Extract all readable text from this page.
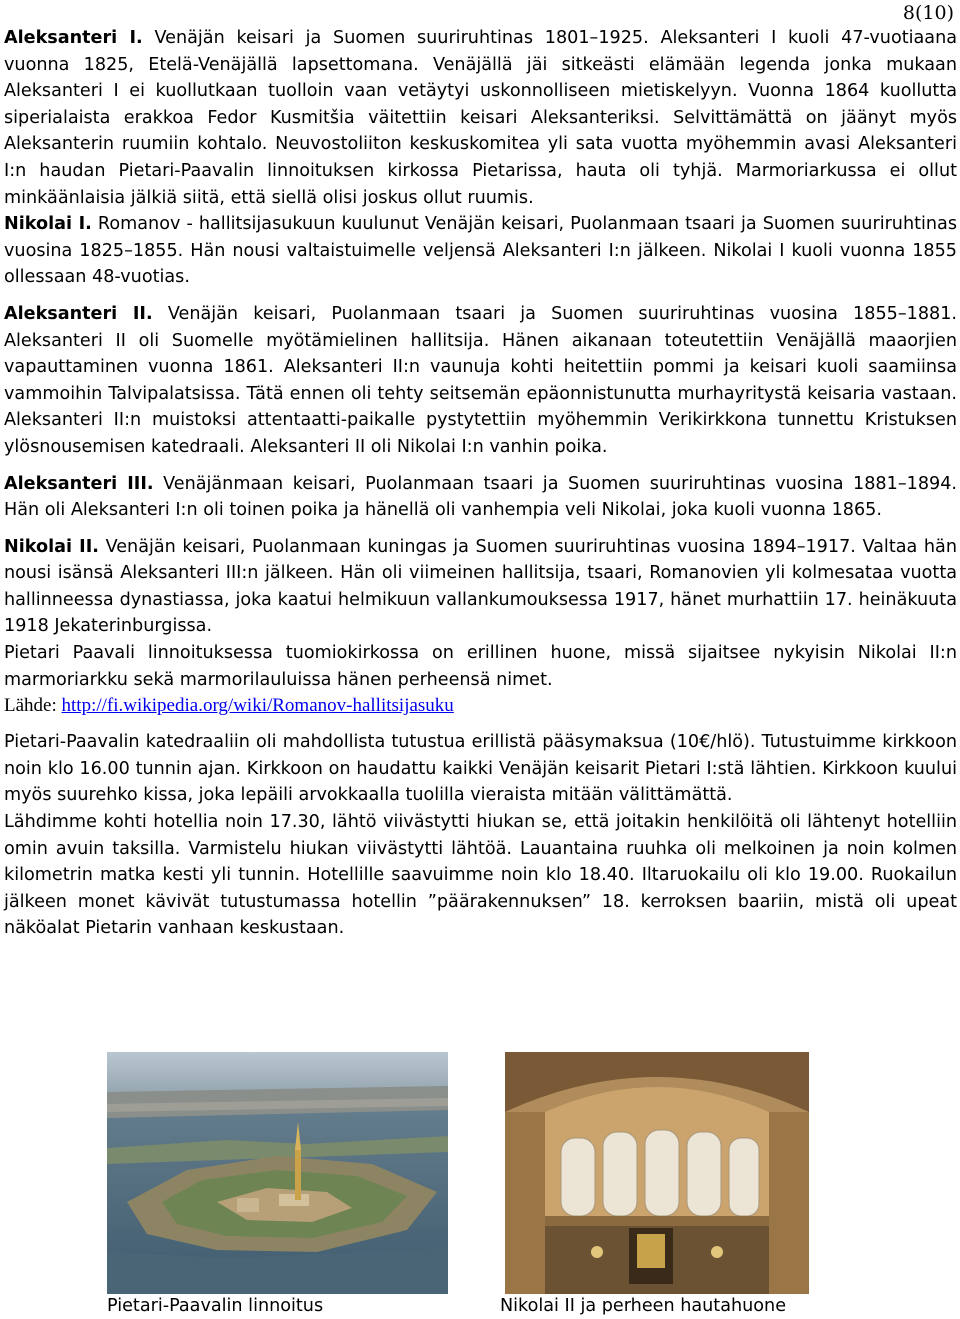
8(10)

Aleksanteri I. Venäjän keisari ja Suomen suuriruhtinas 1801–1925. Aleksanteri I kuoli 47-vuotiaana vuonna 1825, Etelä-Venäjällä lapsettomana. Venäjällä jäi sitkeästi elämään legenda jonka mukaan Aleksanteri I ei kuollutkaan tuolloin vaan vetäytyi uskonnolliseen mietiskelyyn. Vuonna 1864 kuollutta siperialaista erakkoa Fedor Kusmitšia väitettiin keisari Aleksanteriksi. Selvittämättä on jäänyt myös Aleksanterin ruumiin kohtalo. Neuvostoliiton keskuskomitea yli sata vuotta myöhemmin avasi Aleksanteri I:n haudan Pietari-Paavalin linnoituksen kirkossa Pietarissa, hauta oli tyhjä. Marmoriarkussa ei ollut minkäänlaisia jälkiä siitä, että siellä olisi joskus ollut ruumis.

Nikolai I. Romanov - hallitsijasukuun kuulunut Venäjän keisari, Puolanmaan tsaari ja Suomen suuriruhtinas vuosina 1825–1855. Hän nousi valtaistuimelle veljensä Aleksanteri I:n jälkeen. Nikolai I kuoli vuonna 1855 ollessaan 48-vuotias.

Aleksanteri II. Venäjän keisari, Puolanmaan tsaari ja Suomen suuriruhtinas vuosina 1855–1881. Aleksanteri II oli Suomelle myötämielinen hallitsija. Hänen aikanaan toteutettiin Venäjällä maaorjien vapauttaminen vuonna 1861. Aleksanteri II:n vaunuja kohti heitettiin pommi ja keisari kuoli saamiinsa vammoihin Talvipalatsissa. Tätä ennen oli tehty seitsemän epäonnistunutta murhayritystä keisaria vastaan. Aleksanteri II:n muistoksi attentaatti-paikalle pystytettiin myöhemmin Verikirkkona tunnettu Kristuksen ylösnousemisen katedraali. Aleksanteri II oli Nikolai I:n vanhin poika.

Aleksanteri III. Venäjänmaan keisari, Puolanmaan tsaari ja Suomen suuriruhtinas vuosina 1881–1894. Hän oli Aleksanteri I:n oli toinen poika ja hänellä oli vanhempia veli Nikolai, joka kuoli vuonna 1865.

Nikolai II. Venäjän keisari, Puolanmaan kuningas ja Suomen suuriruhtinas vuosina 1894–1917. Valtaa hän nousi isänsä Aleksanteri III:n jälkeen. Hän oli viimeinen hallitsija, tsaari, Romanovien yli kolmesataa vuotta hallinneessa dynastiassa, joka kaatui helmikuun vallankumouksessa 1917, hänet murhattiin 17. heinäkuuta 1918 Jekaterinburgissa.

Pietari Paavali linnoituksessa tuomiokirkossa on erillinen huone, missä sijaitsee nykyisin Nikolai II:n marmoriarkku sekä marmorilauluissa hänen perheensä nimet.

Lähde: http://fi.wikipedia.org/wiki/Romanov-hallitsijasuku

Pietari-Paavalin katedraaliin oli mahdollista tutustua erillistä pääsymaksua (10€/hlö). Tutustuimme kirkkoon noin klo 16.00 tunnin ajan. Kirkkoon on haudattu kaikki Venäjän keisarit Pietari I:stä lähtien. Kirkkoon kuului myös suurehko kissa, joka lepäili arvokkaalla tuolilla vieraista mitään välittämättä.

Lähdimme kohti hotellia noin 17.30, lähtö viivästytti hiukan se, että joitakin henkilöitä oli lähtenyt hotelliin omin avuin taksilla. Varmistelu hiukan viivästytti lähtöä. Lauantaina ruuhka oli melkoinen ja noin kolmen kilometrin matka kesti yli tunnin. Hotellille saavuimme noin klo 18.40. Iltaruokailu oli klo 19.00. Ruokailun jälkeen monet kävivät tutustumassa hotellin ”päärakennuksen” 18. kerroksen baariin, mistä oli upeat näköalat Pietarin vanhaan keskustaan.

Pietari-Paavalin linnoitus	Nikolai II ja perheen hautahuone
